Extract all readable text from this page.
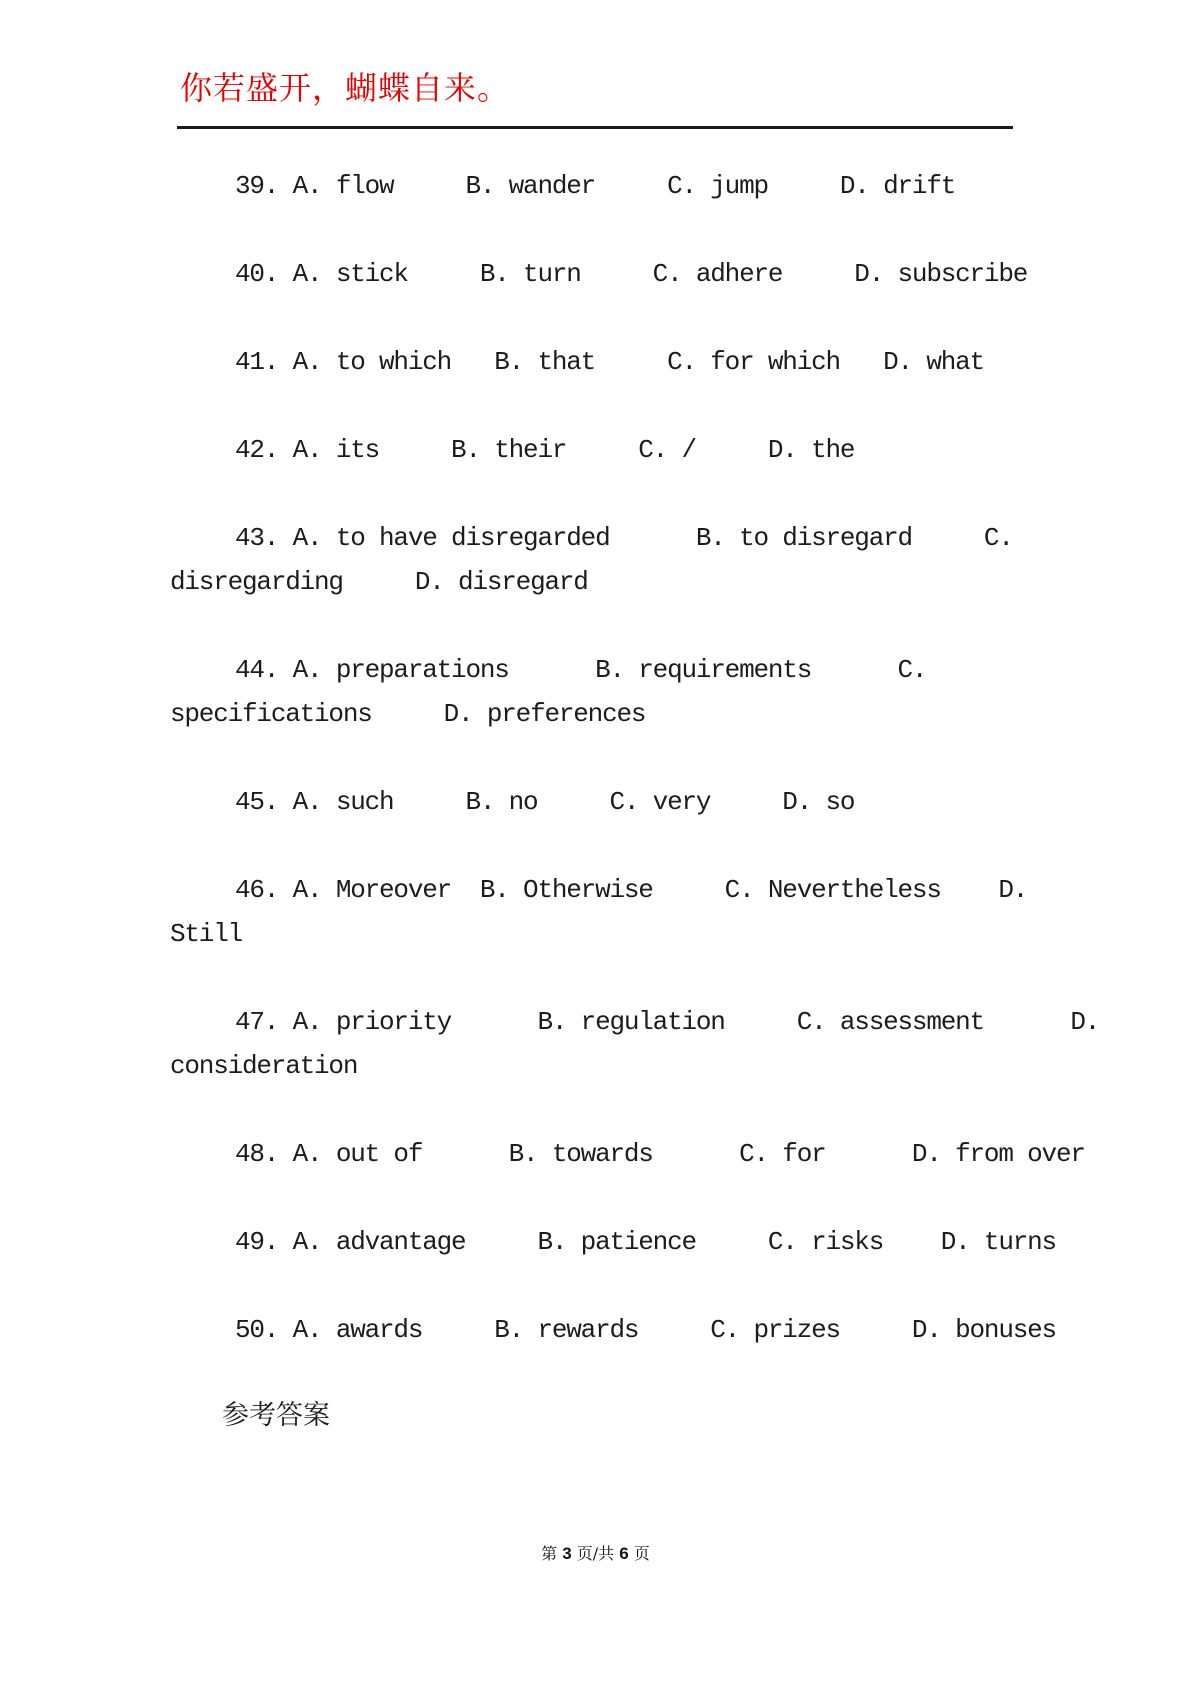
你若盛开，蝴蝶自来。
39. A. flow     B. wander     C. jump     D. drift
40. A. stick     B. turn     C. adhere     D. subscribe
41. A. to which   B. that     C. for which   D. what
42. A. its     B. their     C. /     D. the
43. A. to have disregarded      B. to disregard     C.
disregarding     D. disregard
44. A. preparations      B. requirements      C.
specifications     D. preferences
45. A. such     B. no     C. very     D. so
46. A. Moreover  B. Otherwise     C. Nevertheless    D.
Still
47. A. priority      B. regulation     C. assessment      D.
consideration
48. A. out of      B. towards      C. for      D. from over
49. A. advantage     B. patience     C. risks    D. turns
50. A. awards     B. rewards     C. prizes     D. bonuses
参考答案
第 3 页/共 6 页
